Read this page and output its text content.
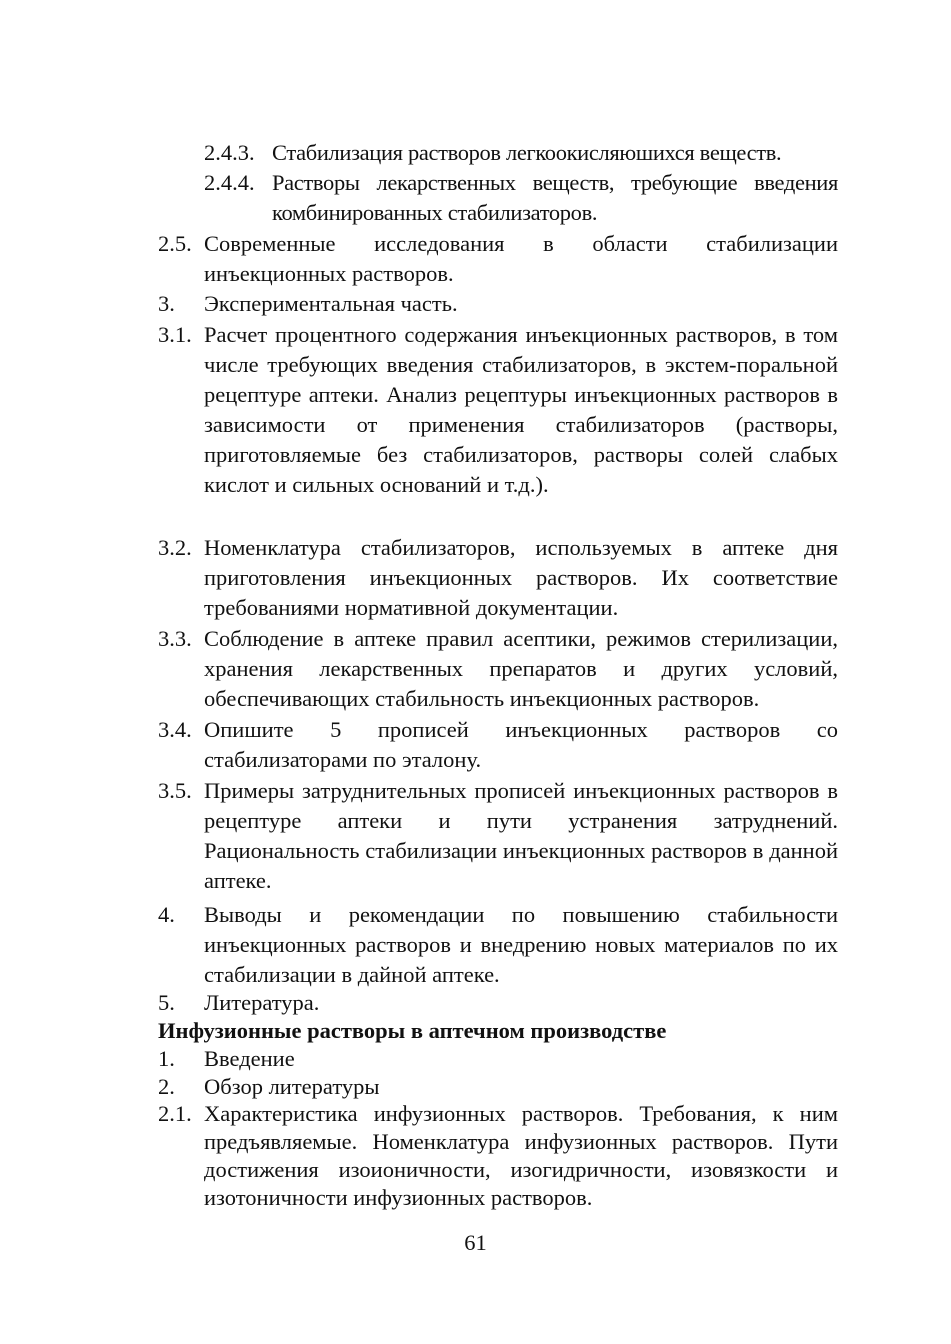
2.4.3. Стабилизация растворов легкоокисляюшихся веществ.
2.4.4. Растворы лекарственных веществ, требующие введения комбинированных стабилизаторов.
2.5. Современные исследования в области стабилизации инъекционных растворов.
3. Экспериментальная часть.
3.1. Расчет процентного содержания инъекционных растворов, в том числе требующих введения стабилизаторов, в экстем-поральной рецептуре аптеки. Анализ рецептуры инъекционных растворов в зависимости от применения стабилизаторов (растворы, приготовляемые без стабилизаторов, растворы солей слабых кислот и сильных оснований и т.д.).
3.2. Номенклатура стабилизаторов, используемых в аптеке дня приготовления инъекционных растворов. Их соответствие требованиями нормативной документации.
3.3. Соблюдение в аптеке правил асептики, режимов стерилизации, хранения лекарственных препаратов и других условий, обеспечивающих стабильность инъекционных растворов.
3.4. Опишите 5 прописей инъекционных растворов со стабилизаторами по эталону.
3.5. Примеры затруднительных прописей инъекционных растворов в рецептуре аптеки и пути устранения затруднений. Рациональность стабилизации инъекционных растворов в данной аптеке.
4. Выводы и рекомендации по повышению стабильности инъекционных растворов и внедрению новых материалов по их стабилизации в дайной аптеке.
5. Литература.
Инфузионные растворы в аптечном производстве
1. Введение
2. Обзор литературы
2.1. Характеристика инфузионных растворов. Требования, к ним предъявляемые. Номенклатура инфузионных растворов. Пути достижения изоионичности, изогидричности, изовязкости и изотоничности инфузионных растворов.
61
